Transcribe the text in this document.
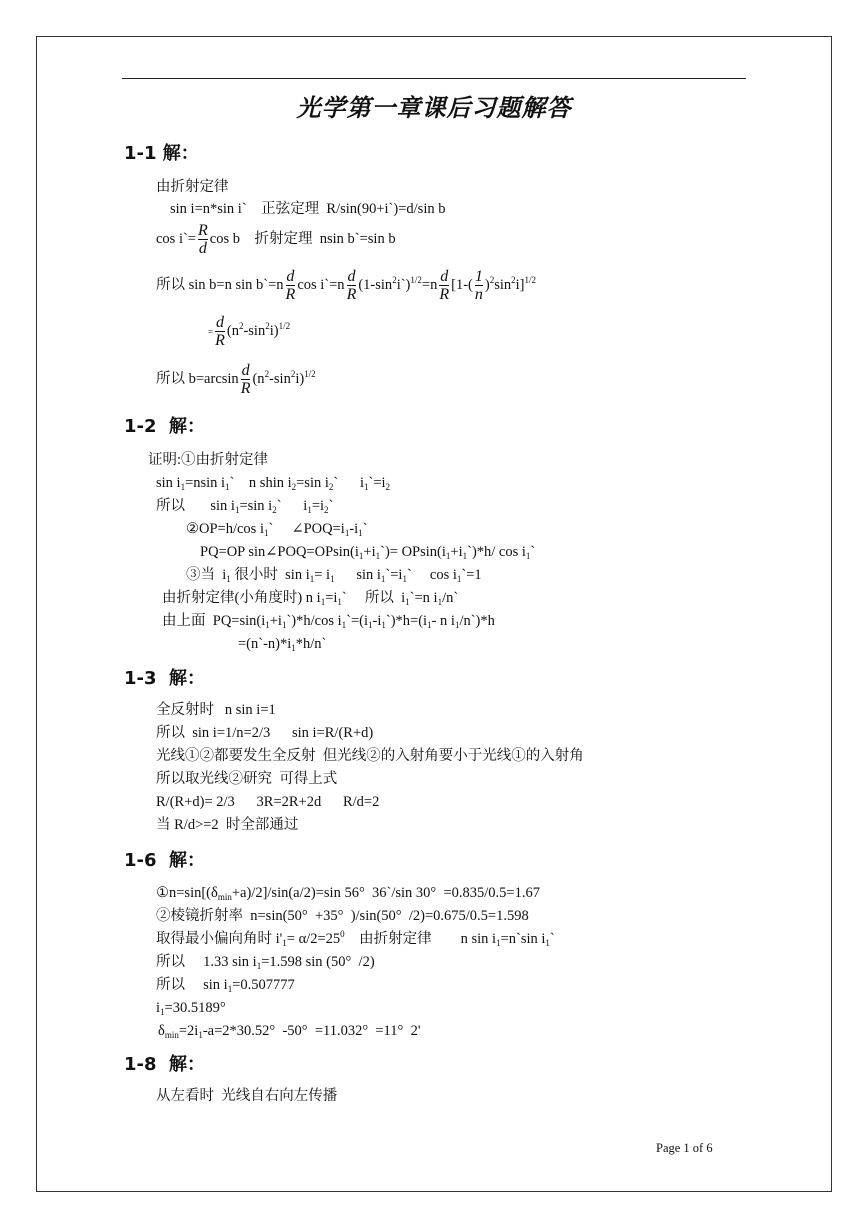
光学第一章课后习题解答
1-1 解：
由折射定律
sin i=n*sin i`    正弦定理  R/sin(90+i`)=d/sin b
cos i`= $\frac{R}{d}$ cos b    折射定理  nsin b`=sin b
所以 sin b=n sin b`=n $\frac{d}{R}$ cos i`=n $\frac{d}{R}$ $(1-\sin^2i`)^{1/2}=n \frac{d}{R} [1-( \frac{1}{n} )^2\sin^2i]^{1/2}$
= $\frac{d}{R} (n^2-\sin^2i)^{1/2}$
所以 $b=\arcsin \frac{d}{R} (n^2-\sin^2i)^{1/2}$
1-2  解：
证明:①由折射定律
$\sin i_1=nsin$ $i_1`$    n shin $i_2=\sin$ $i_2`$      $i_1`=i_2$
所以       $\sin i_1=\sin$ $i_2`$      $i_1=i_2`$
②OP=h/cos $i_1`$     $\angle POQ=i_1-i_1`$
PQ=OP $\sin\angle POQ=OPsin(i_1+i_1`)=$ $OPsin(i_1+i_1`)*h/$ $\cos i_1`$
③当  $i_1$ 很小时  $\sin i_1= i_1$      $\sin i_1`=i_1`$     $\cos i_1`=1$
由折射定律(小角度时) n $i_1=i_1`$     所以  $i_1`=n$ $i_1/n`$
由上面  $PQ=\sin(i_1+i_1`)*h/\cos$ $i_1`=(i_1-i_1`)*h=(i_1-$ n $i_1/n`)*h$
$=(n`-n)*i_1*h/n`$
1-3  解：
全反射时   n sin i=1
所以  sin i=1/n=2/3      sin i=R/(R+d)
光线①②都要发生全反射  但光线②的入射角要小于光线①的入射角
所以取光线②研究  可得上式
R/(R+d)= 2/3      3R=2R+2d      R/d=2
当 R/d>=2  时全部通过
1-6  解：
$①n=\sin[(\delta_{min}+a)/2]/\sin(a/2)=\sin$ 56°  36`/sin 30°  =0.835/0.5=1.67
②棱镜折射率  n=sin(50°  +35°  )/sin(50°  /2)=0.675/0.5=1.598
取得最小偏向角时 $i'_1= \alpha/2=25^0$    由折射定律        n $\sin i_1=n`\sin$ $i_1`$
所以     1.33 $\sin i_1=1.598$ sin (50°  /2)
所以     $\sin i_1=0.507777$
$i_1=30.5189^\circ$
$\delta_{min}=2i_1-a=2*30.52^\circ$  -50°  =11.032°  =11°  2'
1-8  解：
从左看时  光线自右向左传播
Page 1 of 6
